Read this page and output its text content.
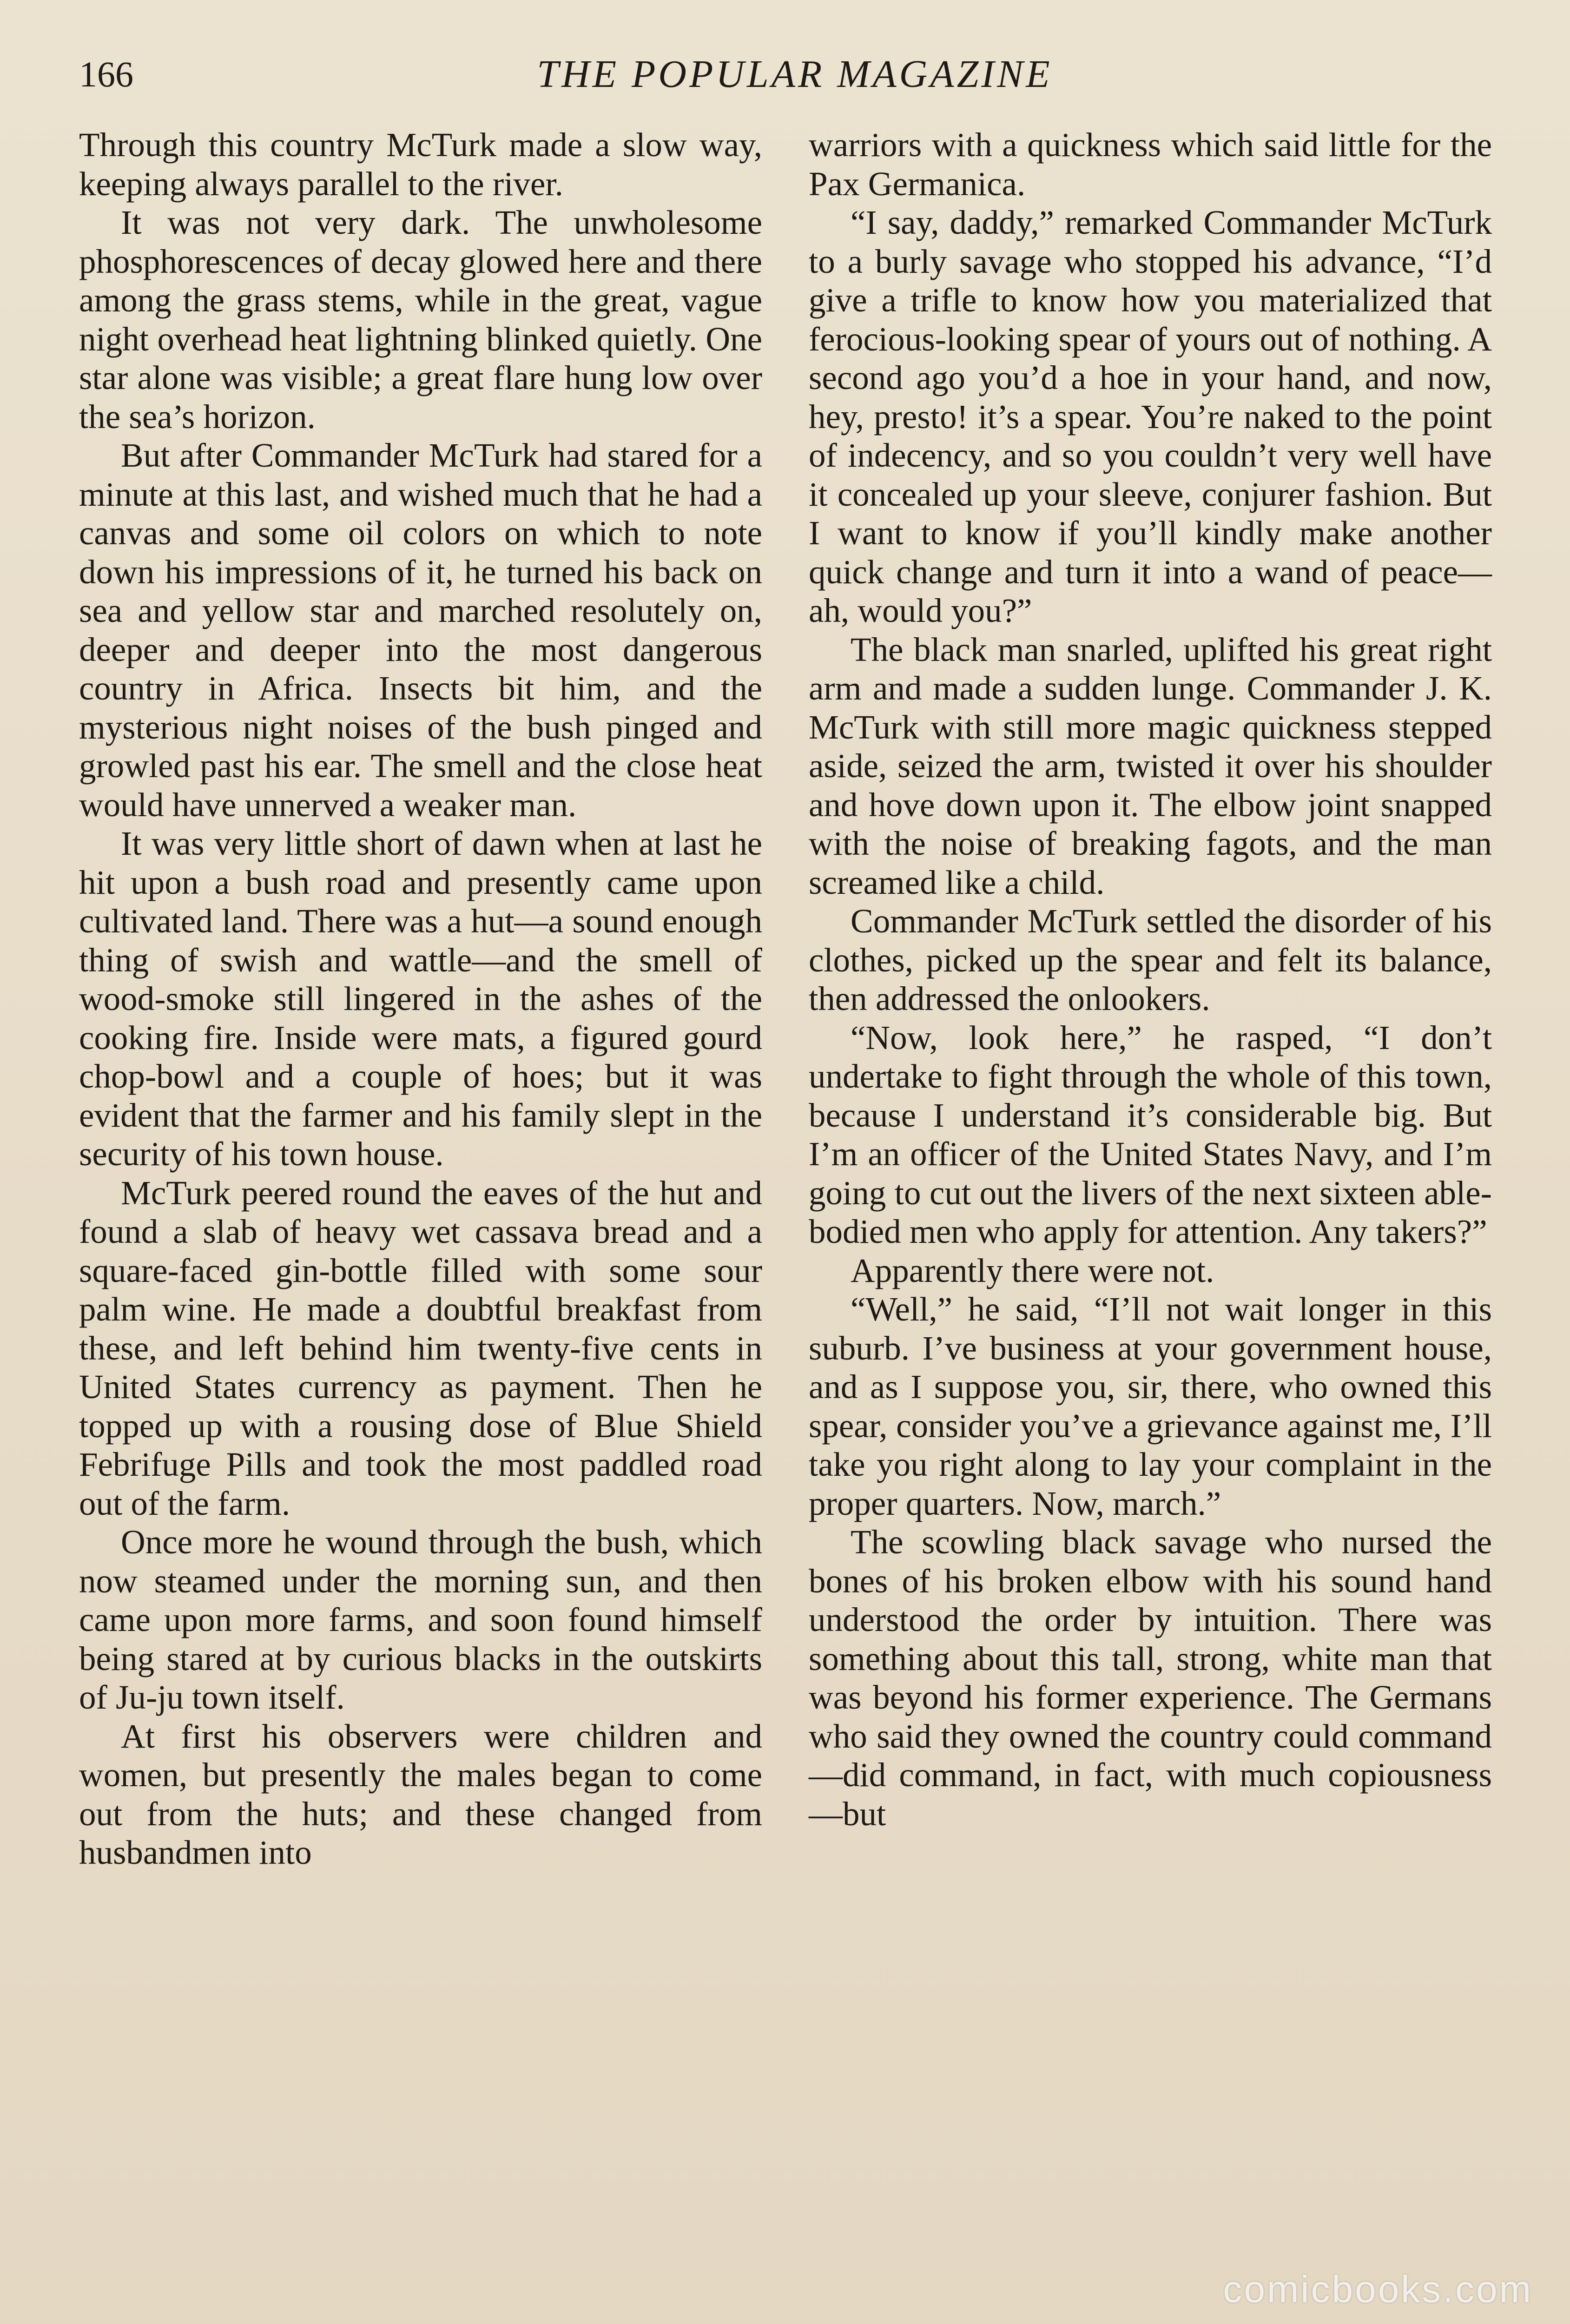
166	THE POPULAR MAGAZINE

Through this country McTurk made a slow way, keeping always parallel to the river.

It was not very dark. The unwholesome phosphorescences of decay glowed here and there among the grass stems, while in the great, vague night overhead heat lightning blinked quietly. One star alone was visible; a great flare hung low over the sea’s horizon.

But after Commander McTurk had stared for a minute at this last, and wished much that he had a canvas and some oil colors on which to note down his impressions of it, he turned his back on sea and yellow star and marched resolutely on, deeper and deeper into the most dangerous country in Africa. Insects bit him, and the mysterious night noises of the bush pinged and growled past his ear. The smell and the close heat would have unnerved a weaker man.

It was very little short of dawn when at last he hit upon a bush road and presently came upon cultivated land. There was a hut—a sound enough thing of swish and wattle—and the smell of wood-smoke still lingered in the ashes of the cooking fire. Inside were mats, a figured gourd chop-bowl and a couple of hoes; but it was evident that the farmer and his family slept in the security of his town house.

McTurk peered round the eaves of the hut and found a slab of heavy wet cassava bread and a square-faced gin-bottle filled with some sour palm wine. He made a doubtful breakfast from these, and left behind him twenty-five cents in United States currency as payment. Then he topped up with a rousing dose of Blue Shield Febrifuge Pills and took the most paddled road out of the farm.

Once more he wound through the bush, which now steamed under the morning sun, and then came upon more farms, and soon found himself being stared at by curious blacks in the outskirts of Ju-ju town itself.

At first his observers were children and women, but presently the males began to come out from the huts; and these changed from husbandmen into

warriors with a quickness which said little for the Pax Germanica.

“I say, daddy,” remarked Commander McTurk to a burly savage who stopped his advance, “I’d give a trifle to know how you materialized that ferocious-looking spear of yours out of nothing. A second ago you’d a hoe in your hand, and now, hey, presto! it’s a spear. You’re naked to the point of indecency, and so you couldn’t very well have it concealed up your sleeve, conjurer fashion. But I want to know if you’ll kindly make another quick change and turn it into a wand of peace—ah, would you?”

The black man snarled, uplifted his great right arm and made a sudden lunge. Commander J. K. McTurk with still more magic quickness stepped aside, seized the arm, twisted it over his shoulder and hove down upon it. The elbow joint snapped with the noise of breaking fagots, and the man screamed like a child.

Commander McTurk settled the disorder of his clothes, picked up the spear and felt its balance, then addressed the onlookers.

“Now, look here,” he rasped, “I don’t undertake to fight through the whole of this town, because I understand it’s considerable big. But I’m an officer of the United States Navy, and I’m going to cut out the livers of the next sixteen able-bodied men who apply for attention. Any takers?”

Apparently there were not.

“Well,” he said, “I’ll not wait longer in this suburb. I’ve business at your government house, and as I suppose you, sir, there, who owned this spear, consider you’ve a grievance against me, I’ll take you right along to lay your complaint in the proper quarters. Now, march.”

The scowling black savage who nursed the bones of his broken elbow with his sound hand understood the order by intuition. There was something about this tall, strong, white man that was beyond his former experience. The Germans who said they owned the country could command—did command, in fact, with much copiousness—but

comicbooks.com
